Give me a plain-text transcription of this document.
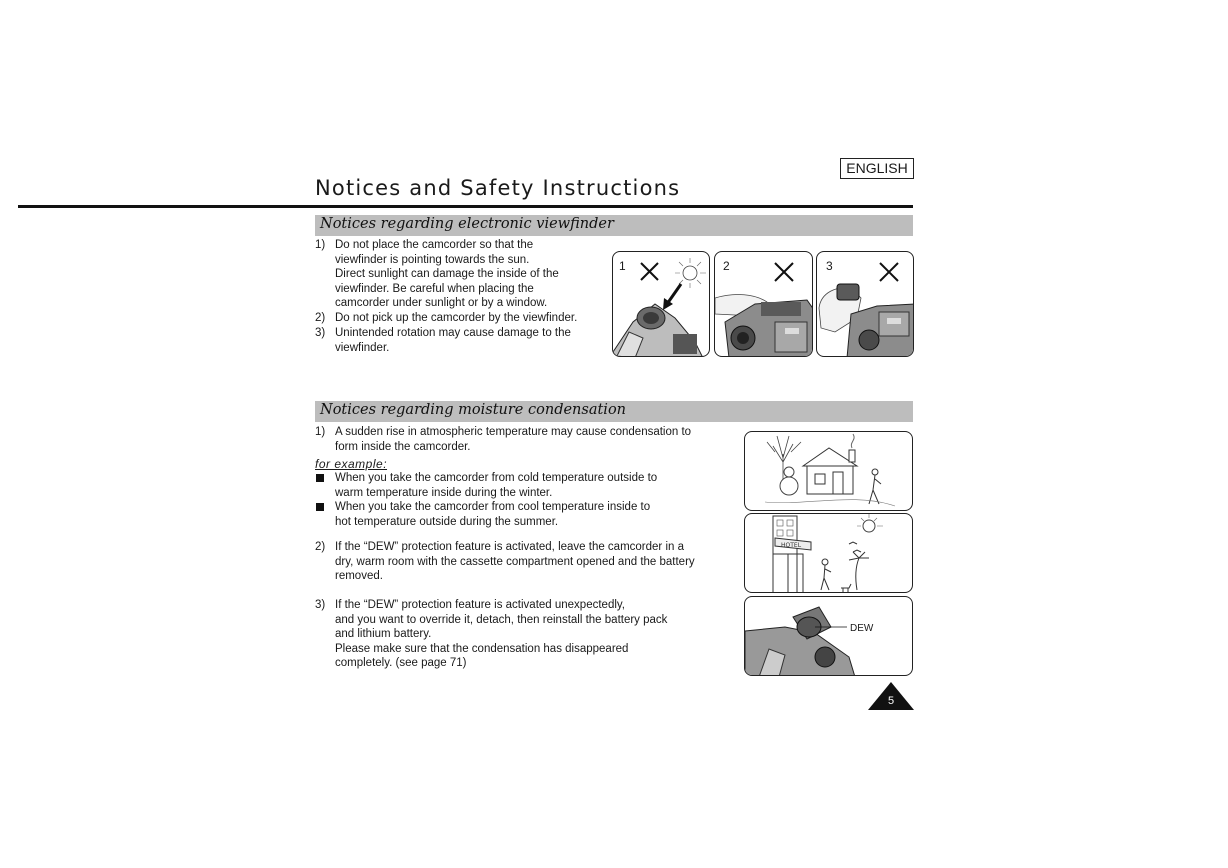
ENGLISH
Notices and Safety Instructions
Notices regarding electronic viewfinder
1) Do not place the camcorder so that the
viewfinder is pointing towards the sun.
Direct sunlight can damage the inside of the
viewfinder. Be careful when placing the
camcorder under sunlight or by a window.
2) Do not pick up the camcorder by the viewfinder.
3) Unintended rotation may cause damage to the
viewfinder.
1	2	3
Notices regarding moisture condensation
1) A sudden rise in atmospheric temperature may cause condensation to
form inside the camcorder.
for example:
When you take the camcorder from cold temperature outside to
warm temperature inside during the winter.
When you take the camcorder from cool temperature inside to
hot temperature outside during the summer.
2) If the “DEW” protection feature is activated, leave the camcorder in a
dry, warm room with the cassette compartment opened and the battery
removed.
3) If the “DEW” protection feature is activated unexpectedly,
and you want to override it, detach, then reinstall the battery pack
and lithium battery.
Please make sure that the condensation has disappeared
completely. (see page 71)
HOTEL
DEW
5
